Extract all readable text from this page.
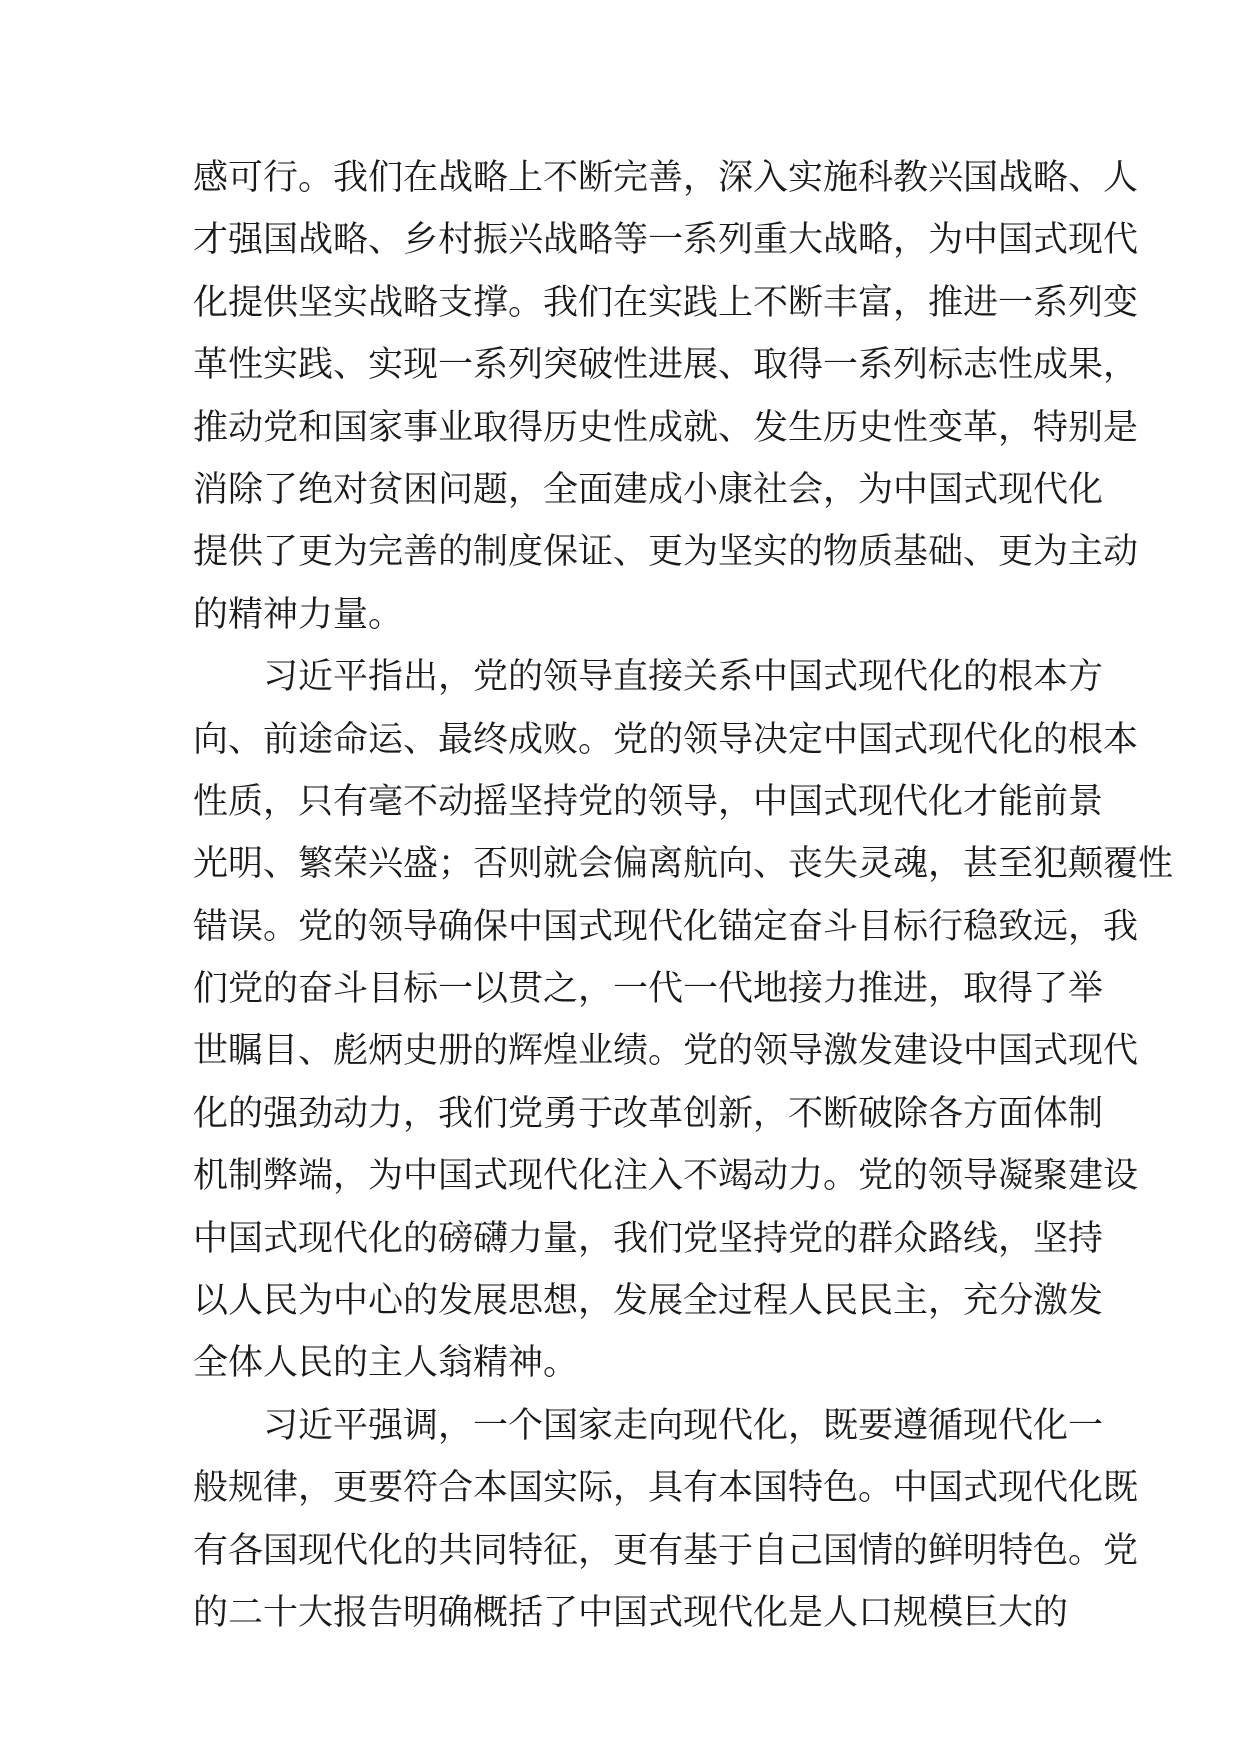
感可行。我们在战略上不断完善，深入实施科教兴国战略、人
才强国战略、乡村振兴战略等一系列重大战略，为中国式现代
化提供坚实战略支撑。我们在实践上不断丰富，推进一系列变
革性实践、实现一系列突破性进展、取得一系列标志性成果，
推动党和国家事业取得历史性成就、发生历史性变革，特别是
消除了绝对贫困问题，全面建成小康社会，为中国式现代化
提供了更为完善的制度保证、更为坚实的物质基础、更为主动
的精神力量。

习近平指出，党的领导直接关系中国式现代化的根本方
向、前途命运、最终成败。党的领导决定中国式现代化的根本
性质，只有毫不动摇坚持党的领导，中国式现代化才能前景
光明、繁荣兴盛；否则就会偏离航向、丧失灵魂，甚至犯颠覆性
错误。党的领导确保中国式现代化锚定奋斗目标行稳致远，我
们党的奋斗目标一以贯之，一代一代地接力推进，取得了举
世瞩目、彪炳史册的辉煌业绩。党的领导激发建设中国式现代
化的强劲动力，我们党勇于改革创新，不断破除各方面体制
机制弊端，为中国式现代化注入不竭动力。党的领导凝聚建设
中国式现代化的磅礴力量，我们党坚持党的群众路线，坚持
以人民为中心的发展思想，发展全过程人民民主，充分激发
全体人民的主人翁精神。

习近平强调，一个国家走向现代化，既要遵循现代化一
般规律，更要符合本国实际，具有本国特色。中国式现代化既
有各国现代化的共同特征，更有基于自己国情的鲜明特色。党
的二十大报告明确概括了中国式现代化是人口规模巨大的
